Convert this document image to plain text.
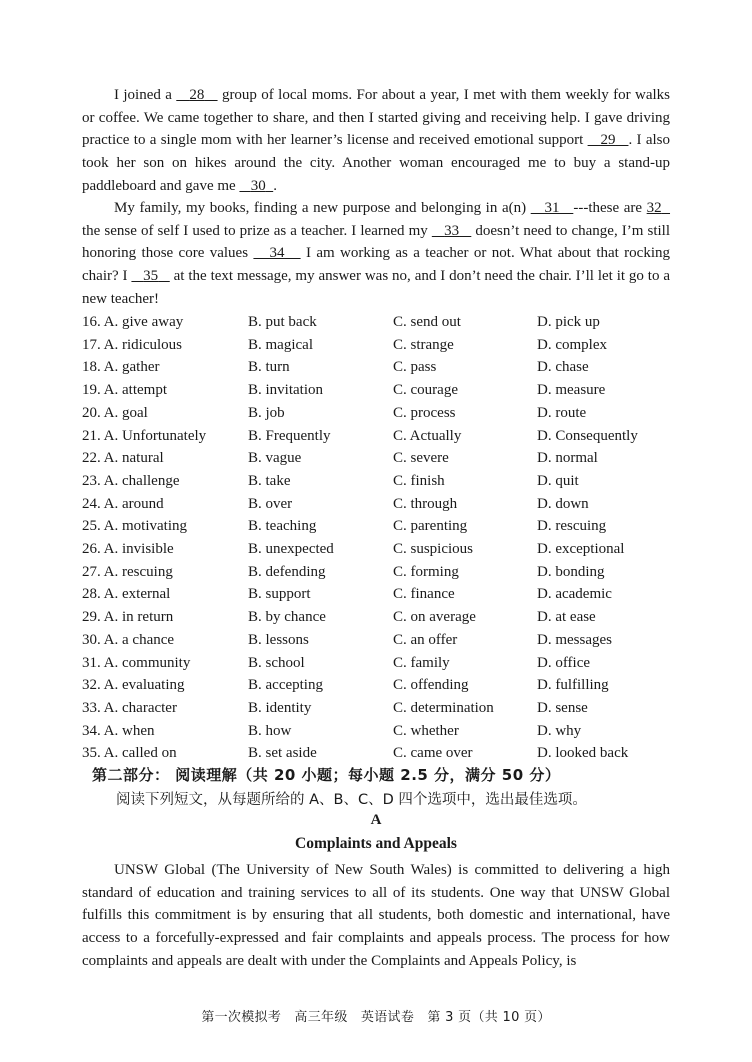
I joined a    28    group of local moms. For about a year, I met with them weekly for walks or coffee. We came together to share, and then I started giving and receiving help. I gave driving practice to a single mom with her learner’s license and received emotional support    29 . I also took her son on hikes around the city. Another woman encouraged me to buy a stand-up paddleboard and gave me    30 .

My family, my books, finding a new purpose and belonging in a(n)    31 ---these are 32   the sense of self I used to prize as a teacher. I learned my    33    doesn’t need to change, I’m still honoring those core values    34    I am working as a teacher or not. What about that rocking chair? I    35    at the text message, my answer was no, and I don’t need the chair. I’ll let it go to a new teacher!

16. A. give away	B. put back	C. send out	D. pick up
17. A. ridiculous	B. magical	C. strange	D. complex
18. A. gather	B. turn	C. pass	D. chase
19. A. attempt	B. invitation	C. courage	D. measure
20. A. goal	B. job	C. process	D. route
21. A. Unfortunately	B. Frequently	C. Actually	D. Consequently
22. A. natural	B. vague	C. severe	D. normal
23. A. challenge	B. take	C. finish	D. quit
24. A. around	B. over	C. through	D. down
25. A. motivating	B. teaching	C. parenting	D. rescuing
26. A. invisible	B. unexpected	C. suspicious	D. exceptional
27. A. rescuing	B. defending	C. forming	D. bonding
28. A. external	B. support	C. finance	D. academic
29. A. in return	B. by chance	C. on average	D. at ease
30. A. a chance	B. lessons	C. an offer	D. messages
31. A. community	B. school	C. family	D. office
32. A. evaluating	B. accepting	C. offending	D. fulfilling
33. A. character	B. identity	C. determination	D. sense
34. A. when	B. how	C. whether	D. why
35. A. called on	B. set aside	C. came over	D. looked back
第二部分： 阅读理解（共 20 小题；每小题 2.5 分，满分 50 分）
阅读下列短文，从每题所给的 A、B、C、D 四个选项中，选出最佳选项。
A
Complaints and Appeals

UNSW Global (The University of New South Wales) is committed to delivering a high standard of education and training services to all of its students. One way that UNSW Global fulfills this commitment is by ensuring that all students, both domestic and international, have access to a forcefully-expressed and fair complaints and appeals process. The process for how complaints and appeals are dealt with under the Complaints and Appeals Policy, is

第一次模拟考　高三年级　英语试卷　第 3 页（共 10 页）
